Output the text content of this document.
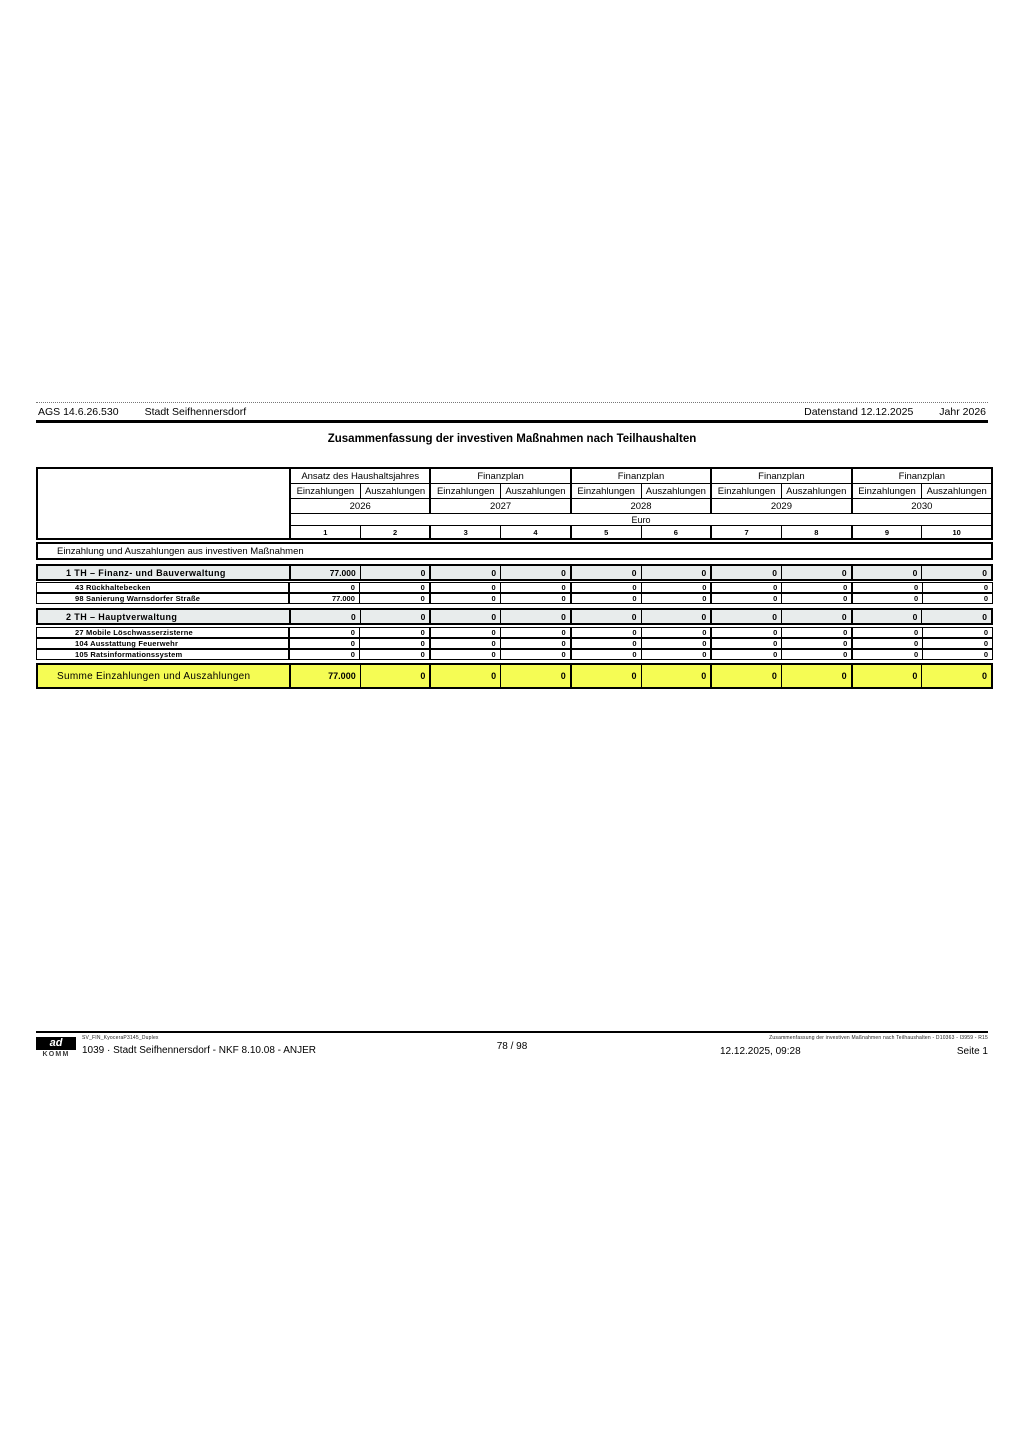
AGS 14.6.26.530 Stadt Seifhennersdorf	Datenstand 12.12.2025 Jahr 2026
Zusammenfassung der investiven Maßnahmen nach Teilhaushalten
Ansatz des Haushaltsjahres	Finanzplan	Finanzplan	Finanzplan	Finanzplan
Einzahlungen	Auszahlungen	Einzahlungen	Auszahlungen	Einzahlungen	Auszahlungen	Einzahlungen	Auszahlungen	Einzahlungen	Auszahlungen
2026	2027	2028	2029	2030
Euro
1	2	3	4	5	6	7	8	9	10
Einzahlung und Auszahlungen aus investiven Maßnahmen
1 TH – Finanz- und Bauverwaltung	77.000	0	0	0	0	0	0	0	0	0
43 Rückhaltebecken	0	0	0	0	0	0	0	0	0	0
98 Sanierung Warnsdorfer Straße	77.000	0	0	0	0	0	0	0	0	0
2 TH – Hauptverwaltung	0	0	0	0	0	0	0	0	0	0
27 Mobile Löschwasserzisterne	0	0	0	0	0	0	0	0	0	0
104 Ausstattung Feuerwehr	0	0	0	0	0	0	0	0	0	0
105 Ratsinformationssystem	0	0	0	0	0	0	0	0	0	0
Summe Einzahlungen und Auszahlungen	77.000	0	0	0	0	0	0	0	0	0
ad
KOMM
SV_FIN_KyoceraP3145_Duplex
1039 · Stadt Seifhennersdorf - NKF 8.10.08 - ANJER	78 / 98
Zusammenfassung der investiven Maßnahmen nach Teilhaushalten - D10363 - I3959 - R15
12.12.2025, 09:28	Seite 1
